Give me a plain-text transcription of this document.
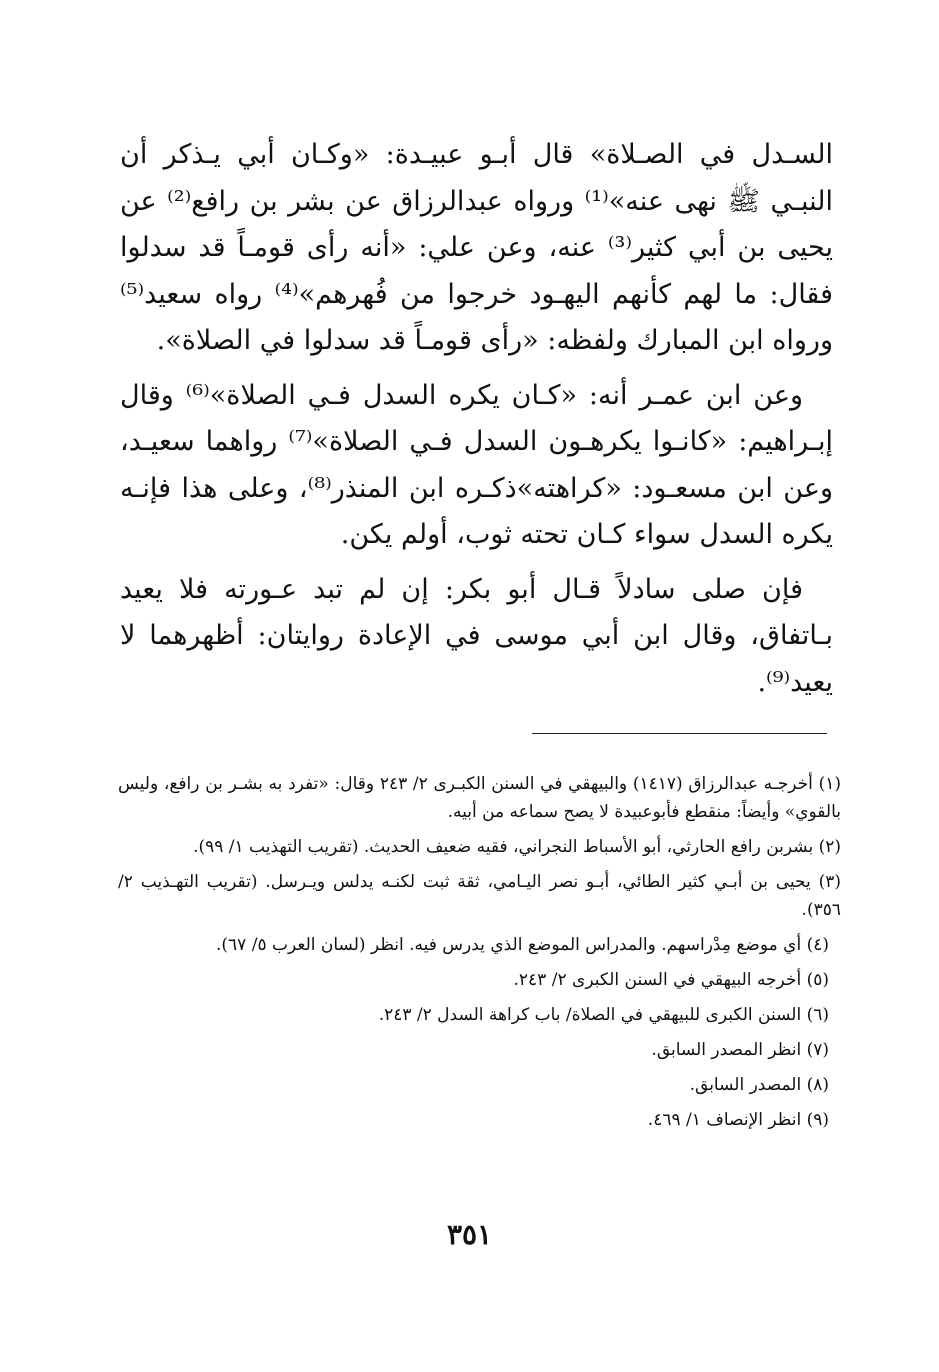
السـدل في الصـلاة» قال أبـو عبيـدة: «وكـان أبي يـذكر أن النبـي ﷺ نهى عنه»⁽¹⁾ ورواه عبدالرزاق عن بشر بن رافع⁽²⁾ عن يحيى بن أبي كثير⁽³⁾ عنه، وعن علي: «أنه رأى قومـاً قد سدلوا فقال: ما لهم كأنهم اليهـود خرجوا من فُهرهم»⁽⁴⁾ رواه سعيد⁽⁵⁾ ورواه ابن المبارك ولفظه: «رأى قومـاً قد سدلوا في الصلاة».

وعن ابن عمـر أنه: «كـان يكره السدل فـي الصلاة»⁽⁶⁾ وقال إبـراهيم: «كانـوا يكرهـون السدل فـي الصلاة»⁽⁷⁾ رواهما سعيـد، وعن ابن مسعـود: «كراهته»ذكـره ابن المنذر⁽⁸⁾، وعلى هذا فإنـه يكره السدل سواء كـان تحته ثوب، أولم يكن.

فإن صلى سادلاً قـال أبو بكر: إن لم تبد عـورته فلا يعيد بـاتفاق، وقال ابن أبي موسى في الإعادة روايتان: أظهرهما لا يعيد⁽⁹⁾.

(١) أخرجـه عبدالرزاق (١٤١٧) والبيهقي في السنن الكبـرى ٢/ ٢٤٣ وقال: «تفرد به بشـر بن رافع، وليس بالقوي» وأيضاً: منقطع فأبوعبيدة لا يصح سماعه من أبيه.

(٢) بشربن رافع الحارثي، أبو الأسباط النجراني، فقيه ضعيف الحديث. (تقريب التهذيب ١/ ٩٩).

(٣) يحيى بن أبـي كثير الطائي، أبـو نصر اليـامي، ثقة ثبت لكنـه يدلس ويـرسل. (تقريب التهـذيب ٢/ ٣٥٦).

(٤) أي موضع مِدْراسهم. والمدراس الموضع الذي يدرس فيه. انظر (لسان العرب ٥/ ٦٧).

(٥) أخرجه البيهقي في السنن الكبرى ٢/ ٢٤٣.

(٦) السنن الكبرى للبيهقي في الصلاة/ باب كراهة السدل ٢/ ٢٤٣.

(٧) انظر المصدر السابق.

(٨) المصدر السابق.

(٩) انظر الإنصاف ١/ ٤٦٩.

٣٥١
